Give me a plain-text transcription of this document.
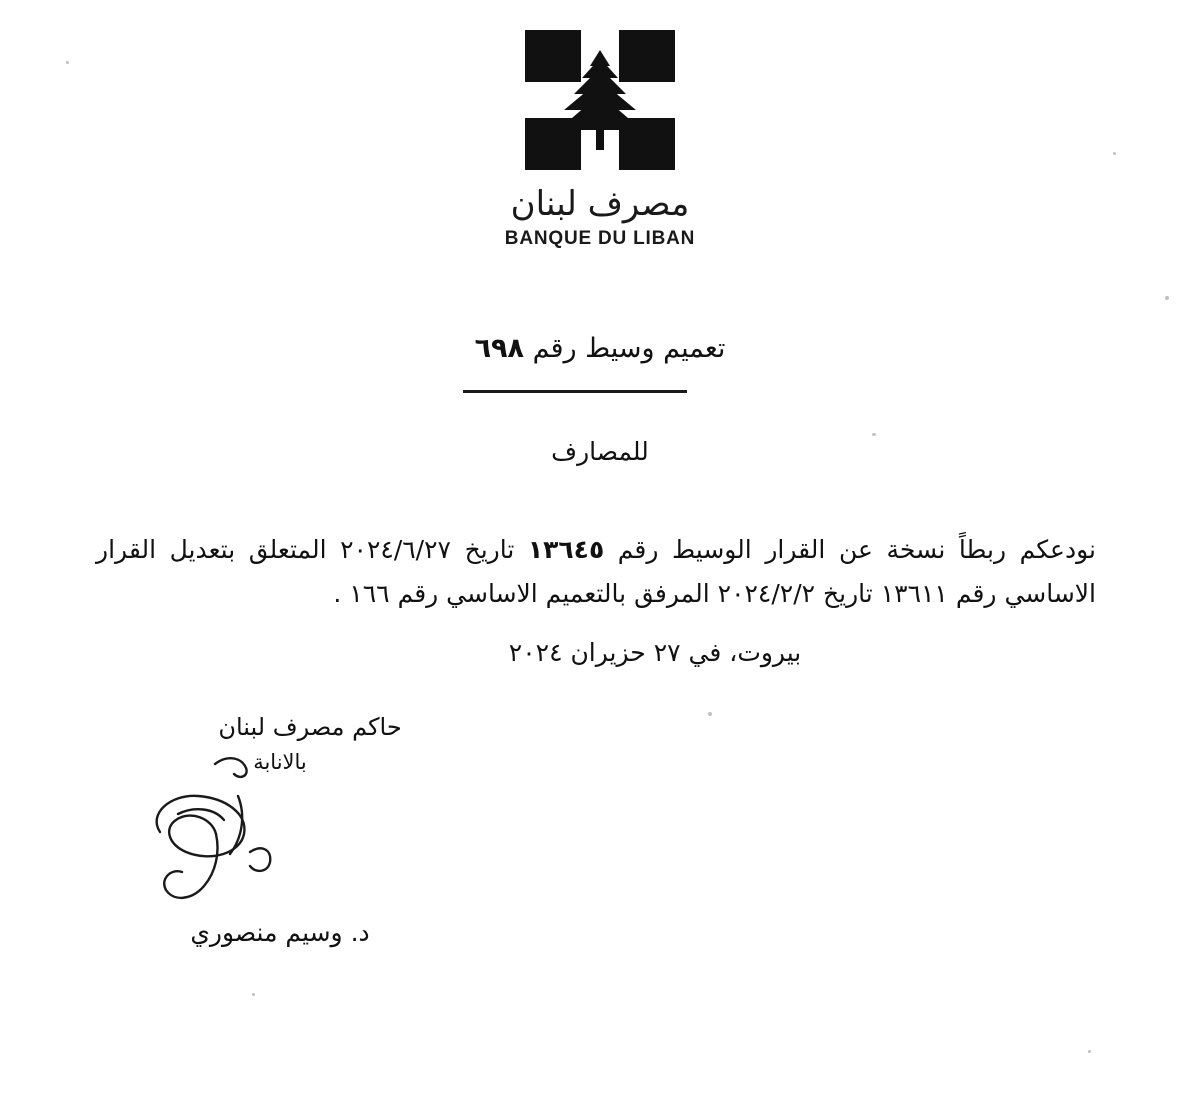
مصرف لبنان
BANQUE DU LIBAN
تعميم وسيط رقم ٦٩٨
للمصارف
نودعكم ربطاً نسخة عن القرار الوسيط رقم ١٣٦٤٥ تاريخ ٢٠٢٤/٦/٢٧ المتعلق بتعديل القرار الاساسي رقم ١٣٦١١ تاريخ ٢٠٢٤/٢/٢ المرفق بالتعميم الاساسي رقم ١٦٦ .
بيروت، في ٢٧ حزيران ٢٠٢٤
حاكم مصرف لبنان
بالانابة
د. وسيم منصوري
